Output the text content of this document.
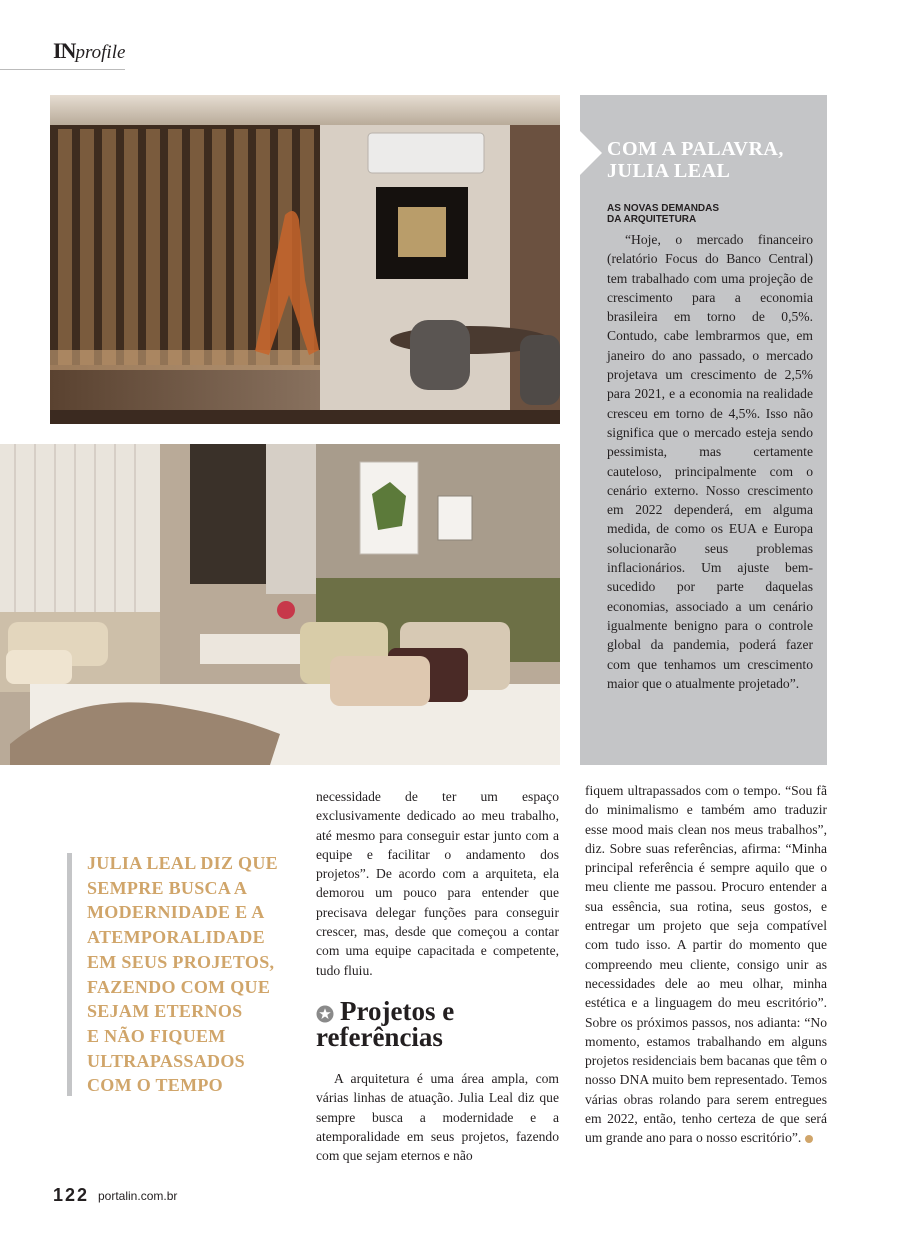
INprofile
COM A PALAVRA,
JULIA LEAL
AS NOVAS DEMANDAS
DA ARQUITETURA
“Hoje, o mercado financeiro (relatório Focus do Banco Central) tem trabalhado com uma projeção de crescimento para a economia brasileira em torno de 0,5%. Contudo, cabe lembrarmos que, em janeiro do ano passado, o mercado projetava um crescimento de 2,5% para 2021, e a economia na realidade cresceu em torno de 4,5%. Isso não significa que o mercado esteja sendo pessimista, mas certamente cauteloso, principalmente com o cenário externo. Nosso crescimento em 2022 dependerá, em alguma medida, de como os EUA e Europa solucionarão seus problemas inflacionários. Um ajuste bem-sucedido por parte daquelas economias, associado a um cenário igualmente benigno para o controle global da pandemia, poderá fazer com que tenhamos um crescimento maior que o atualmente projetado”.
JULIA LEAL DIZ QUE
SEMPRE BUSCA A
MODERNIDADE E A
ATEMPORALIDADE
EM SEUS PROJETOS,
FAZENDO COM QUE
SEJAM ETERNOS
E NÃO FIQUEM
ULTRAPASSADOS
COM O TEMPO
necessidade de ter um espaço exclusivamente dedicado ao meu trabalho, até mesmo para conseguir estar junto com a equipe e facilitar o andamento dos projetos”. De acordo com a arquiteta, ela demorou um pouco para entender que precisava delegar funções para conseguir crescer, mas, desde que começou a contar com uma equipe capacitada e competente, tudo fluiu.
Projetos e
referências
A arquitetura é uma área ampla, com várias linhas de atuação. Julia Leal diz que sempre busca a modernidade e a atemporalidade em seus projetos, fazendo com que sejam eternos e não
fiquem ultrapassados com o tempo. “Sou fã do minimalismo e também amo traduzir esse mood mais clean nos meus trabalhos”, diz. Sobre suas referências, afirma: “Minha principal referência é sempre aquilo que o meu cliente me passou. Procuro entender a sua essência, sua rotina, seus gostos, e entregar um projeto que seja compatível com tudo isso. A partir do momento que compreendo meu cliente, consigo unir as necessidades dele ao meu olhar, minha estética e a linguagem do meu escritório”. Sobre os próximos passos, nos adianta: “No momento, estamos trabalhando em alguns projetos residenciais bem bacanas que têm o nosso DNA muito bem representado. Temos várias obras rolando para serem entregues em 2022, então, tenho certeza de que será um grande ano para o nosso escritório”.
122 portalin.com.br
